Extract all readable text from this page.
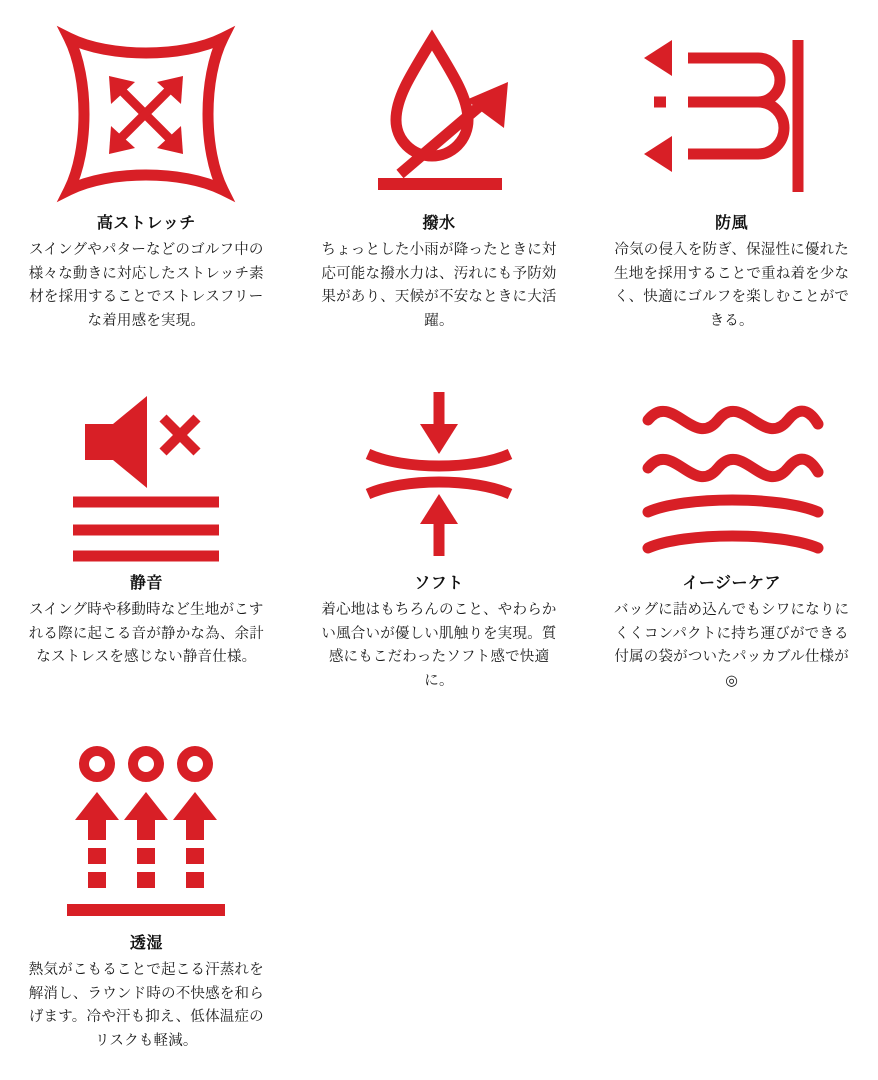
高ストレッチ

スイングやパターなどのゴルフ中の様々な動きに対応したストレッチ素材を採用することでストレスフリーな着用感を実現。

撥水

ちょっとした小雨が降ったときに対応可能な撥水力は、汚れにも予防効果があり、天候が不安なときに大活躍。

防風

冷気の侵入を防ぎ、保湿性に優れた生地を採用することで重ね着を少なく、快適にゴルフを楽しむことができる。

静音

スイング時や移動時など生地がこすれる際に起こる音が静かな為、余計なストレスを感じない静音仕様。

ソフト

着心地はもちろんのこと、やわらかい風合いが優しい肌触りを実現。質感にもこだわったソフト感で快適に。

イージーケア

バッグに詰め込んでもシワになりにくくコンパクトに持ち運びができる付属の袋がついたパッカブル仕様が◎

透湿

熱気がこもることで起こる汗蒸れを解消し、ラウンド時の不快感を和らげます。冷や汗も抑え、低体温症のリスクも軽減。
